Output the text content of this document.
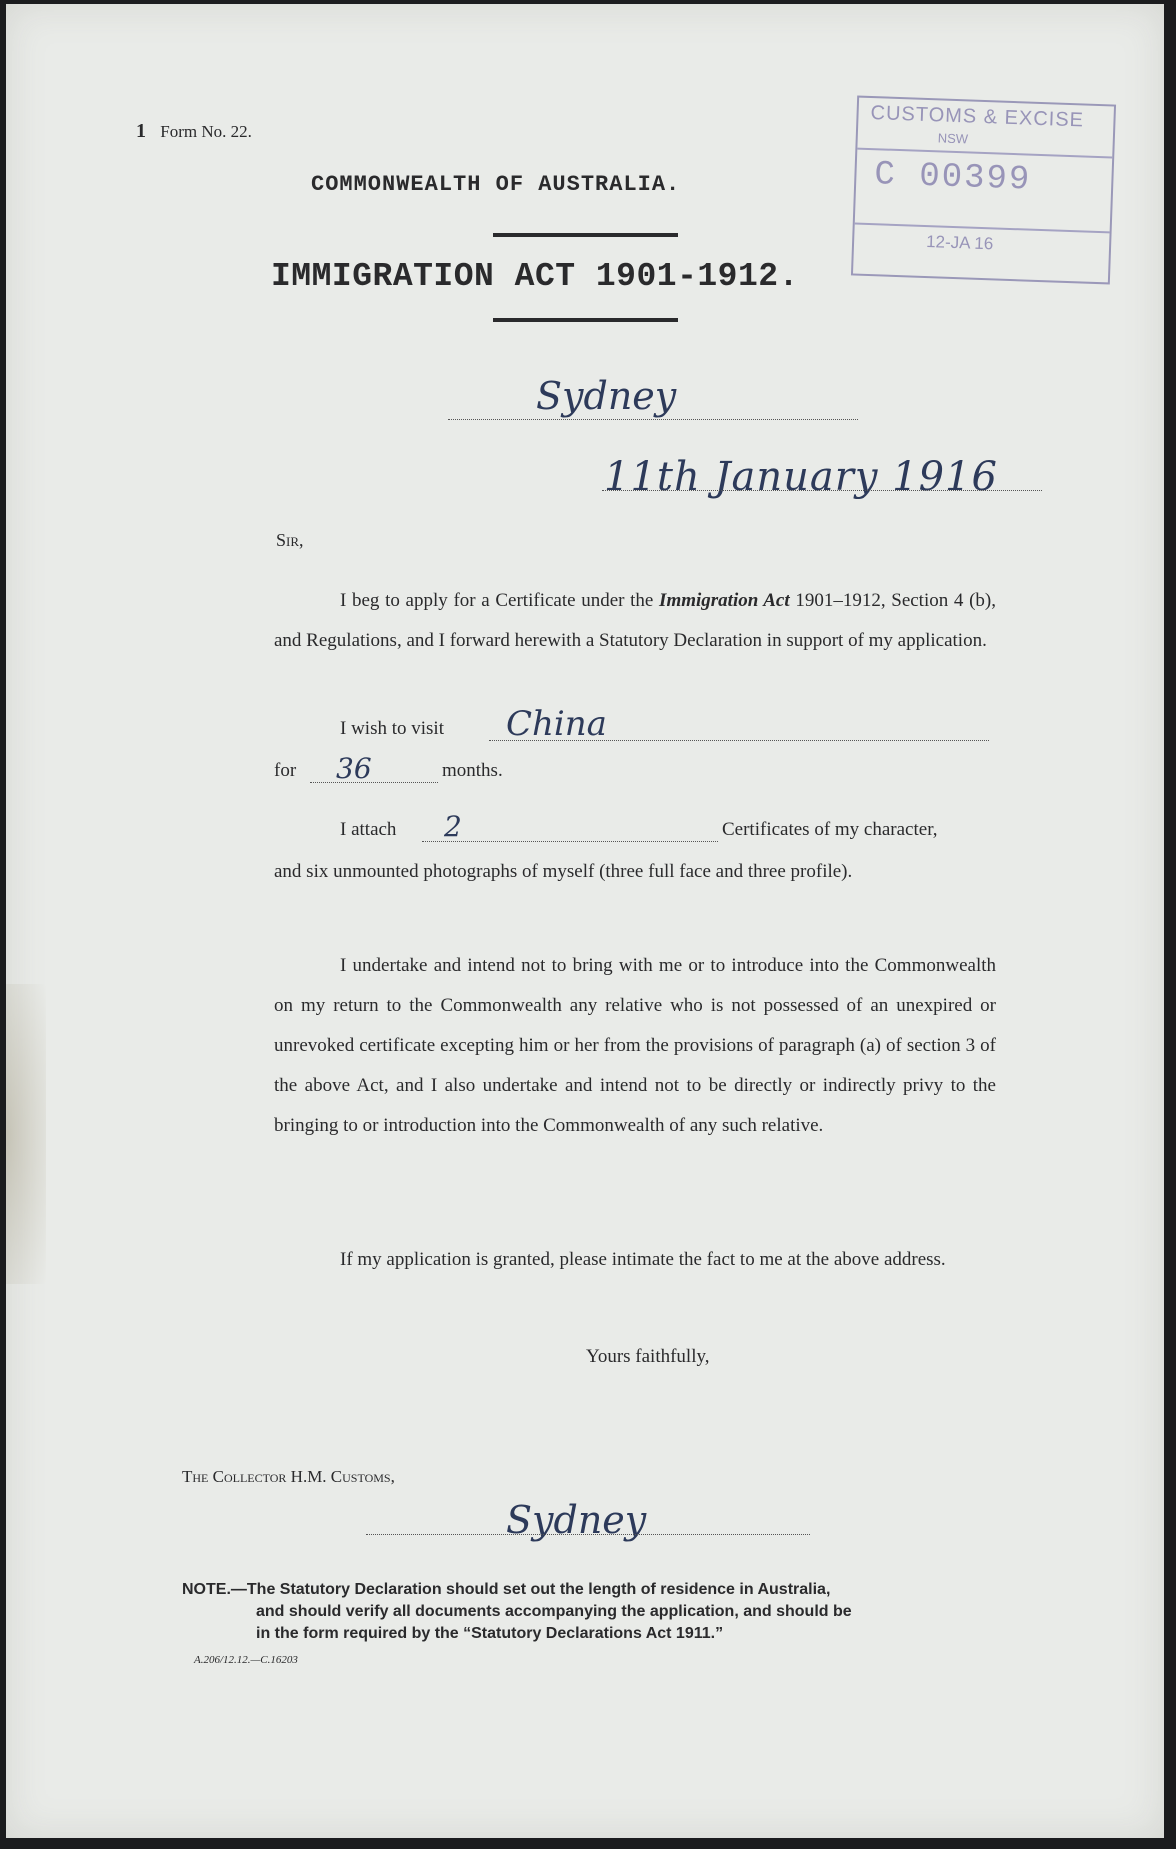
1 Form No. 22.
COMMONWEALTH OF AUSTRALIA.
IMMIGRATION ACT 1901-1912.
CUSTOMS & EXCISE
NSW
C 00399
12-JA 16
Sydney
11th January 1916
Sir,
I beg to apply for a Certificate under the Immigration Act 1901–1912, Section 4 (b), and Regulations, and I forward herewith a Statutory Declaration in support of my application.
I wish to visit China
for 36	months.
I attach 2	Certificates of my character,
and six unmounted photographs of myself (three full face and three profile).
I undertake and intend not to bring with me or to introduce into the Commonwealth on my return to the Commonwealth any relative who is not possessed of an unexpired or unrevoked certificate excepting him or her from the provisions of paragraph (a) of section 3 of the above Act, and I also undertake and intend not to be directly or indirectly privy to the bringing to or introduction into the Commonwealth of any such relative.
If my application is granted, please intimate the fact to me at the above address.
Yours faithfully,
The Collector H.M. Customs,
Sydney
NOTE.—The Statutory Declaration should set out the length of residence in Australia,
and should verify all documents accompanying the application, and should be
in the form required by the “Statutory Declarations Act 1911.”
A.206/12.12.—C.16203
